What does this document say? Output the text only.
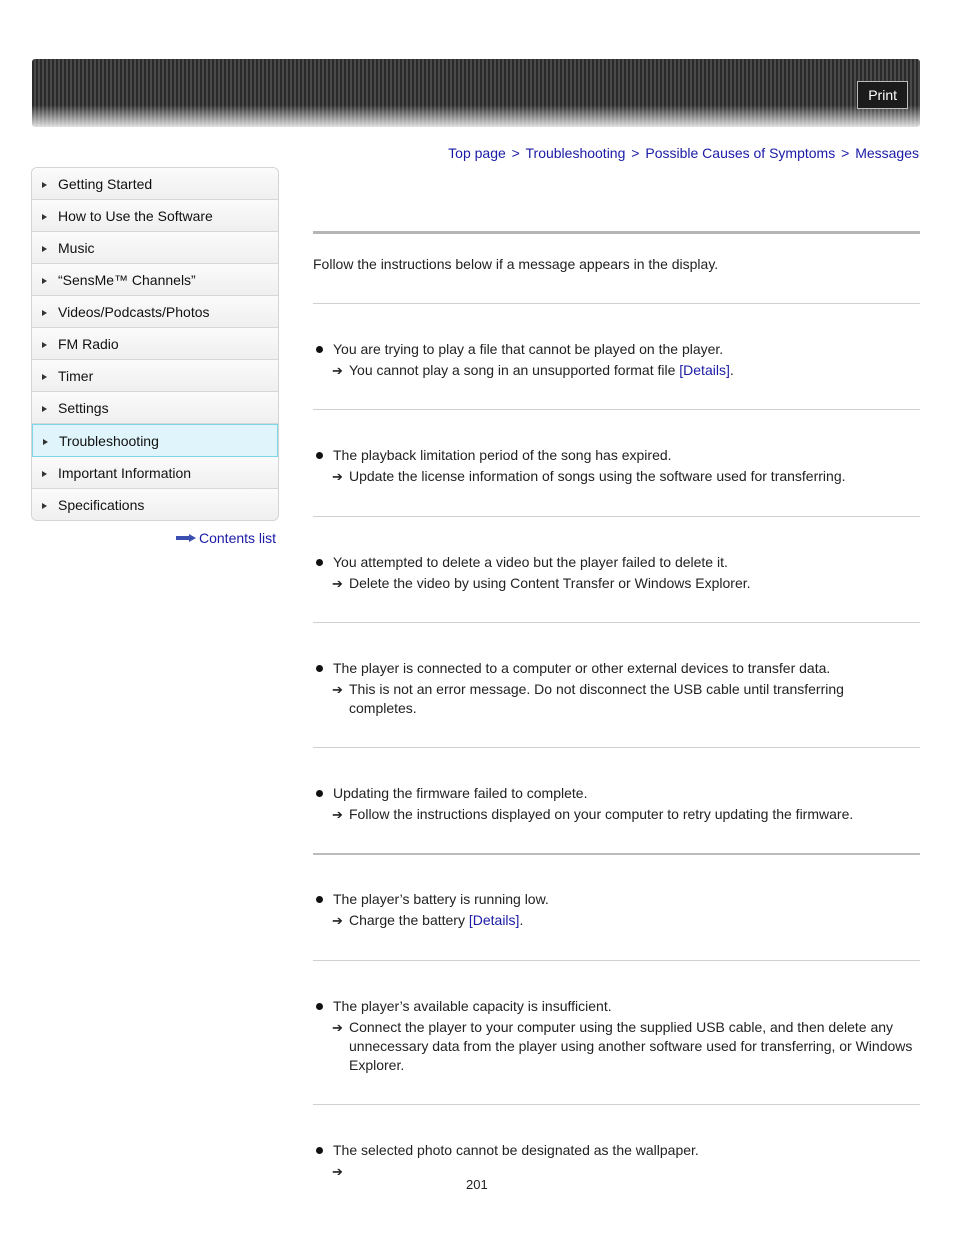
Print
Top page > Troubleshooting > Possible Causes of Symptoms > Messages
Getting Started
How to Use the Software
Music
“SensMe™ Channels”
Videos/Podcasts/Photos
FM Radio
Timer
Settings
Troubleshooting
Important Information
Specifications
Contents list
Follow the instructions below if a message appears in the display.
You are trying to play a file that cannot be played on the player.
➔ You cannot play a song in an unsupported format file [Details].
The playback limitation period of the song has expired.
➔ Update the license information of songs using the software used for transferring.
You attempted to delete a video but the player failed to delete it.
➔ Delete the video by using Content Transfer or Windows Explorer.
The player is connected to a computer or other external devices to transfer data.
➔ This is not an error message. Do not disconnect the USB cable until transferring completes.
Updating the firmware failed to complete.
➔ Follow the instructions displayed on your computer to retry updating the firmware.
The player’s battery is running low.
➔ Charge the battery [Details].
The player’s available capacity is insufficient.
➔ Connect the player to your computer using the supplied USB cable, and then delete any unnecessary data from the player using another software used for transferring, or Windows Explorer.
The selected photo cannot be designated as the wallpaper.
➔
201
